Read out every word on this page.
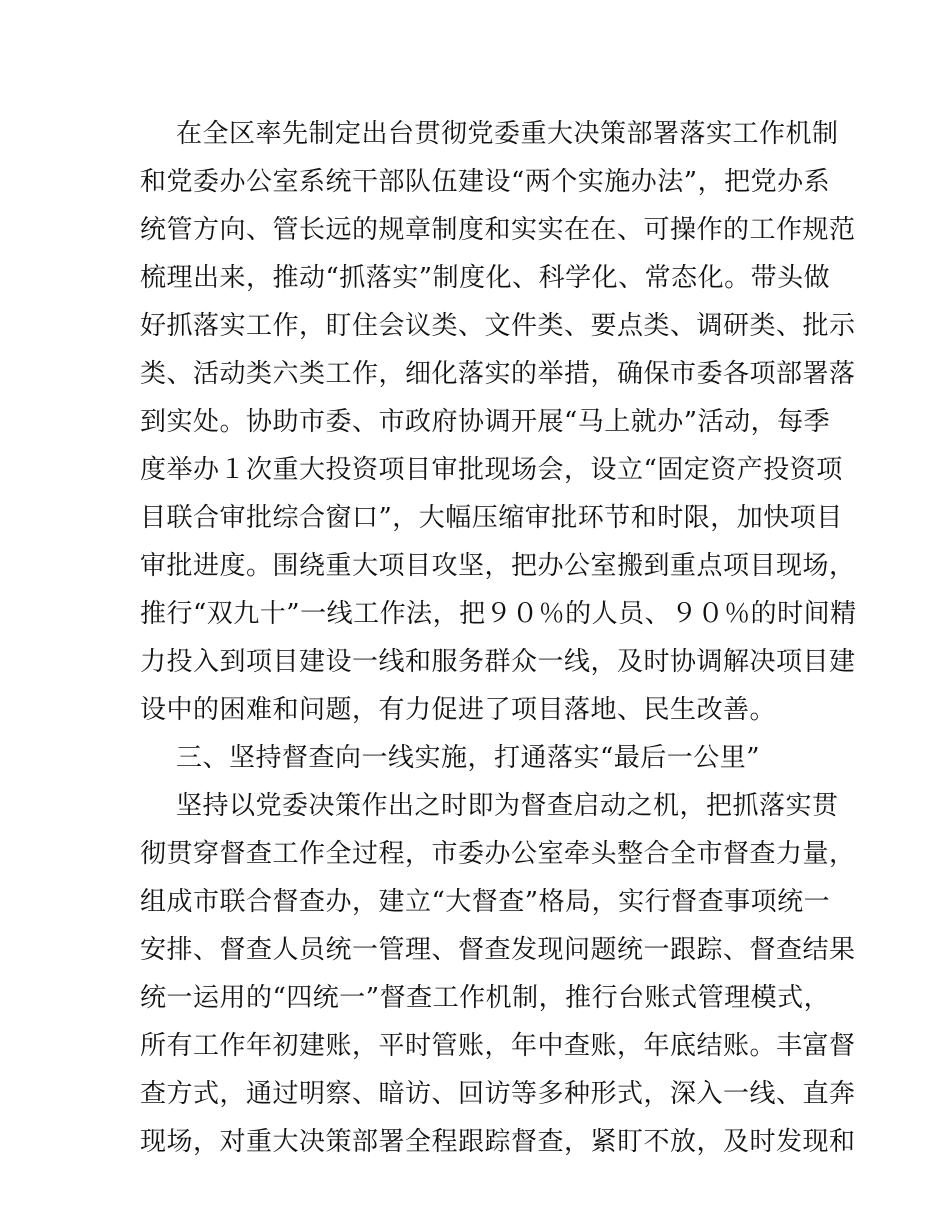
在全区率先制定出台贯彻党委重大决策部署落实工作机制
和党委办公室系统干部队伍建设“两个实施办法”，把党办系
统管方向、管长远的规章制度和实实在在、可操作的工作规范
梳理出来，推动“抓落实”制度化、科学化、常态化。带头做
好抓落实工作，盯住会议类、文件类、要点类、调研类、批示
类、活动类六类工作，细化落实的举措，确保市委各项部署落
到实处。协助市委、市政府协调开展“马上就办”活动，每季
度举办１次重大投资项目审批现场会，设立“固定资产投资项
目联合审批综合窗口”，大幅压缩审批环节和时限，加快项目
审批进度。围绕重大项目攻坚，把办公室搬到重点项目现场，
推行“双九十”一线工作法，把９０％的人员、９０％的时间精
力投入到项目建设一线和服务群众一线，及时协调解决项目建
设中的困难和问题，有力促进了项目落地、民生改善。
三、坚持督查向一线实施，打通落实“最后一公里”
坚持以党委决策作出之时即为督查启动之机，把抓落实贯
彻贯穿督查工作全过程，市委办公室牵头整合全市督查力量，
组成市联合督查办，建立“大督查”格局，实行督查事项统一
安排、督查人员统一管理、督查发现问题统一跟踪、督查结果
统一运用的“四统一”督查工作机制，推行台账式管理模式，
所有工作年初建账，平时管账，年中查账，年底结账。丰富督
查方式，通过明察、暗访、回访等多种形式，深入一线、直奔
现场，对重大决策部署全程跟踪督查，紧盯不放，及时发现和
